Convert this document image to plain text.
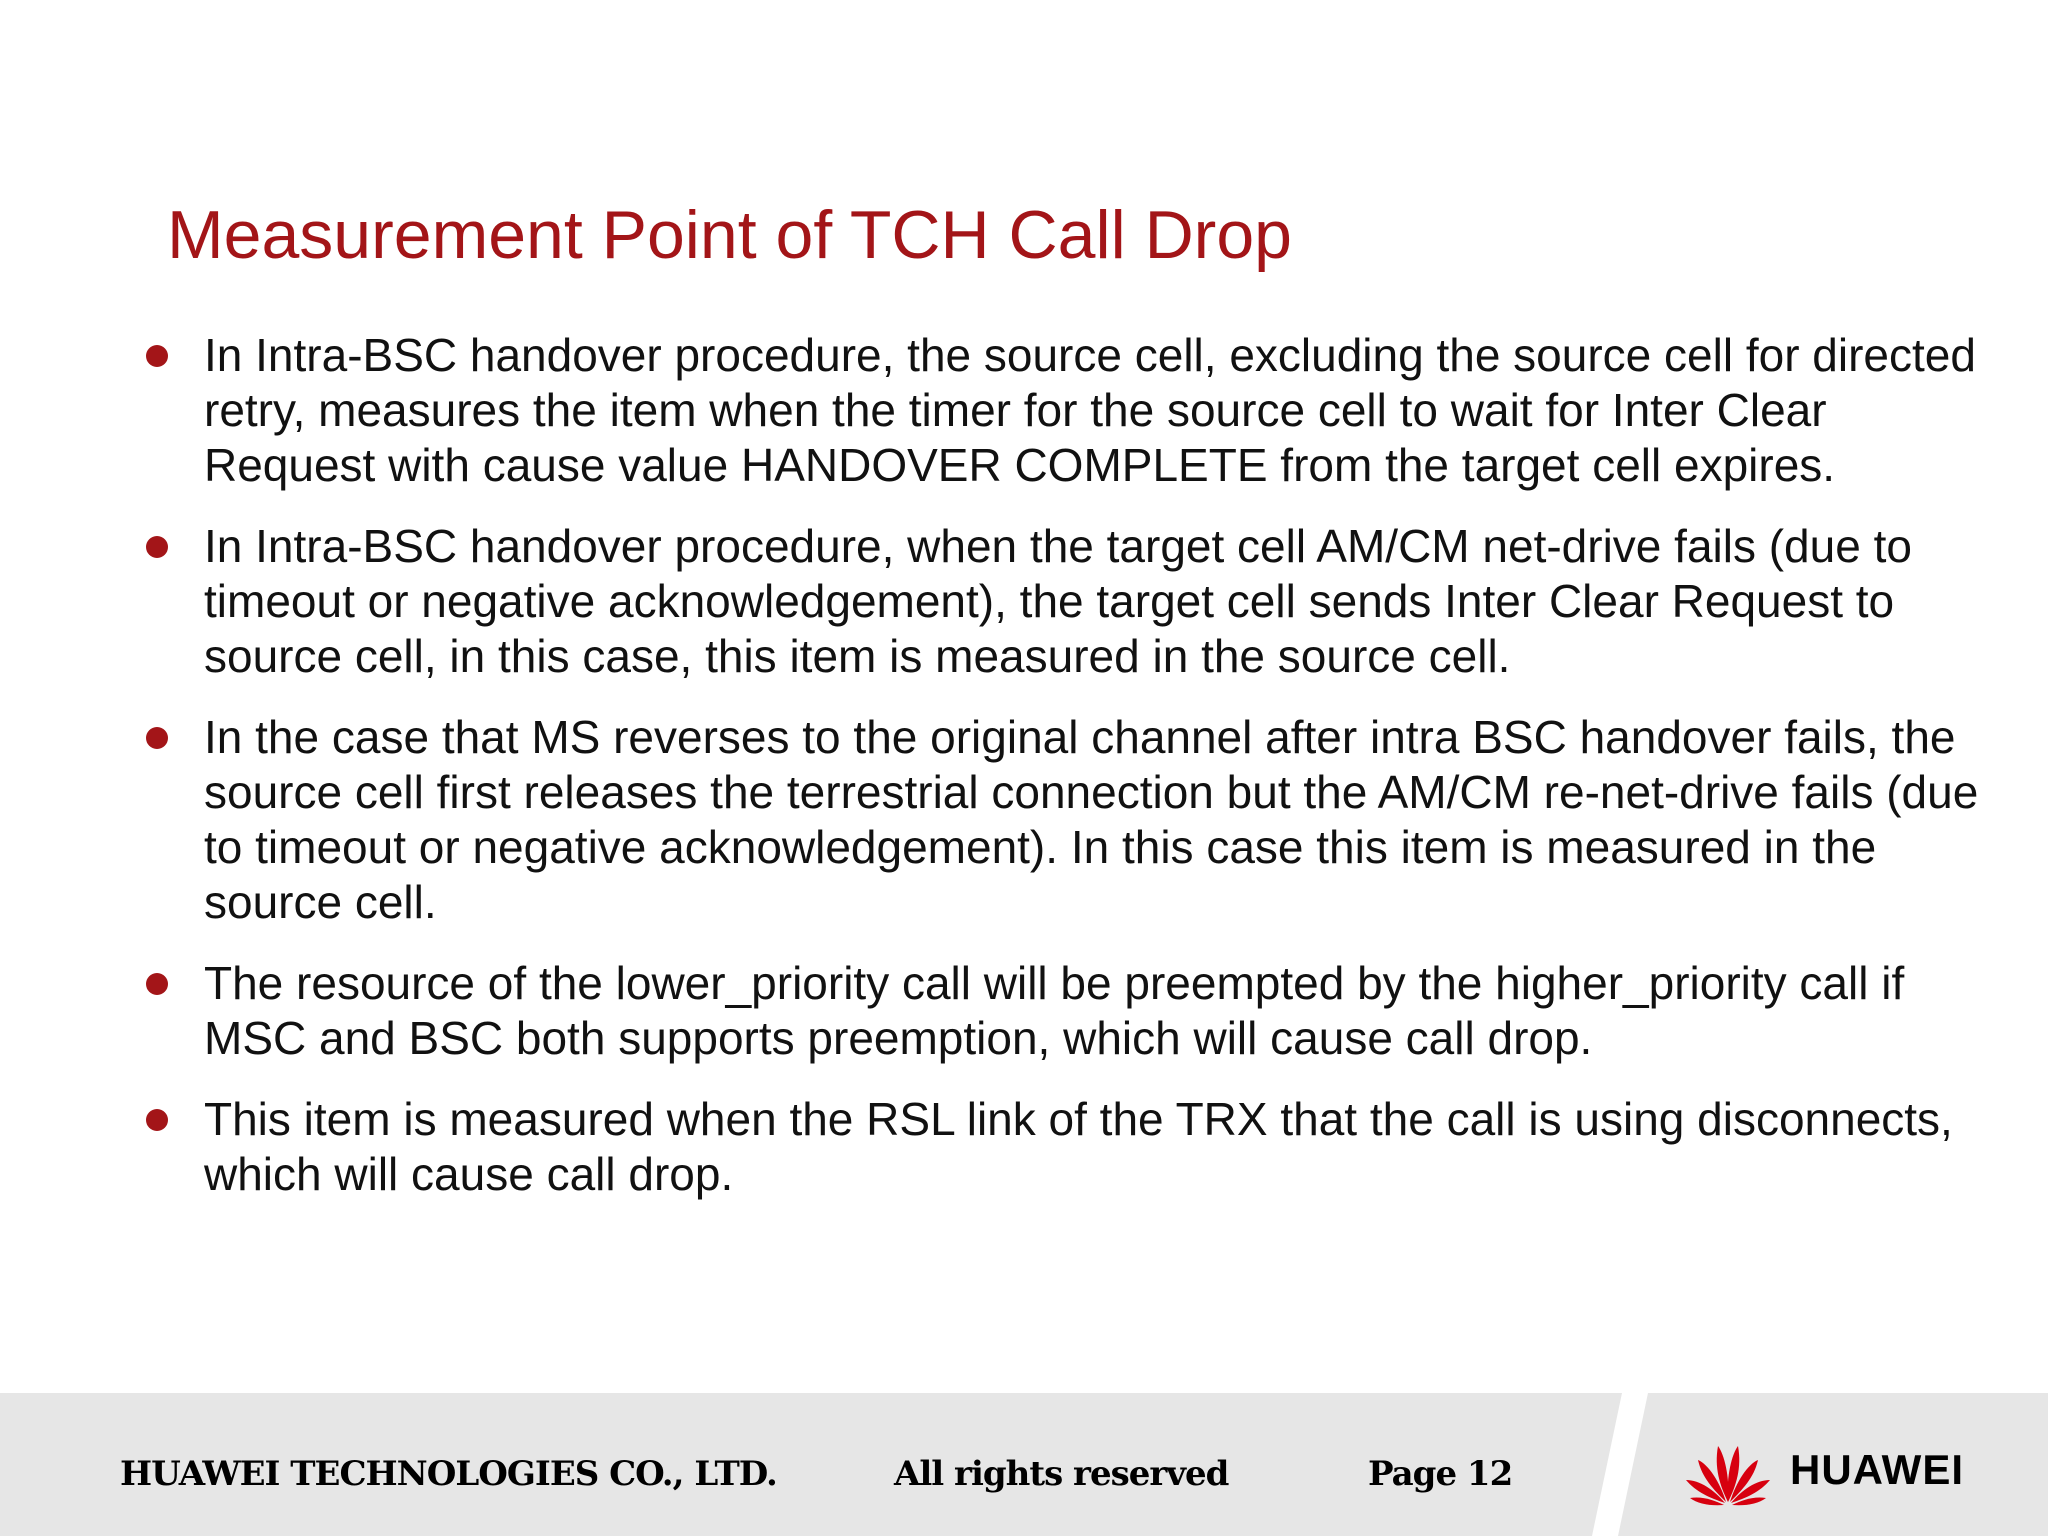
Measurement Point of TCH Call Drop
In Intra-BSC handover procedure, the source cell, excluding the source cell for directed retry, measures the item when the timer for the source cell to wait for Inter Clear Request with cause value HANDOVER COMPLETE from the target cell expires.
In Intra-BSC handover procedure, when the target cell AM/CM net-drive fails (due to timeout or negative acknowledgement), the target cell sends Inter Clear Request to source cell, in this case, this item is measured in the source cell.
In the case that MS reverses to the original channel after intra BSC handover fails, the source cell first releases the terrestrial connection but the AM/CM re-net-drive fails (due to timeout or negative acknowledgement). In this case this item is measured in the source cell.
The resource of the lower_priority call will be preempted by the higher_priority call if MSC and BSC both supports preemption, which will cause call drop.
This item is measured when the RSL link of the TRX that the call is using disconnects, which will cause call drop.
HUAWEI TECHNOLOGIES CO., LTD.	All rights reserved	Page 12	HUAWEI
